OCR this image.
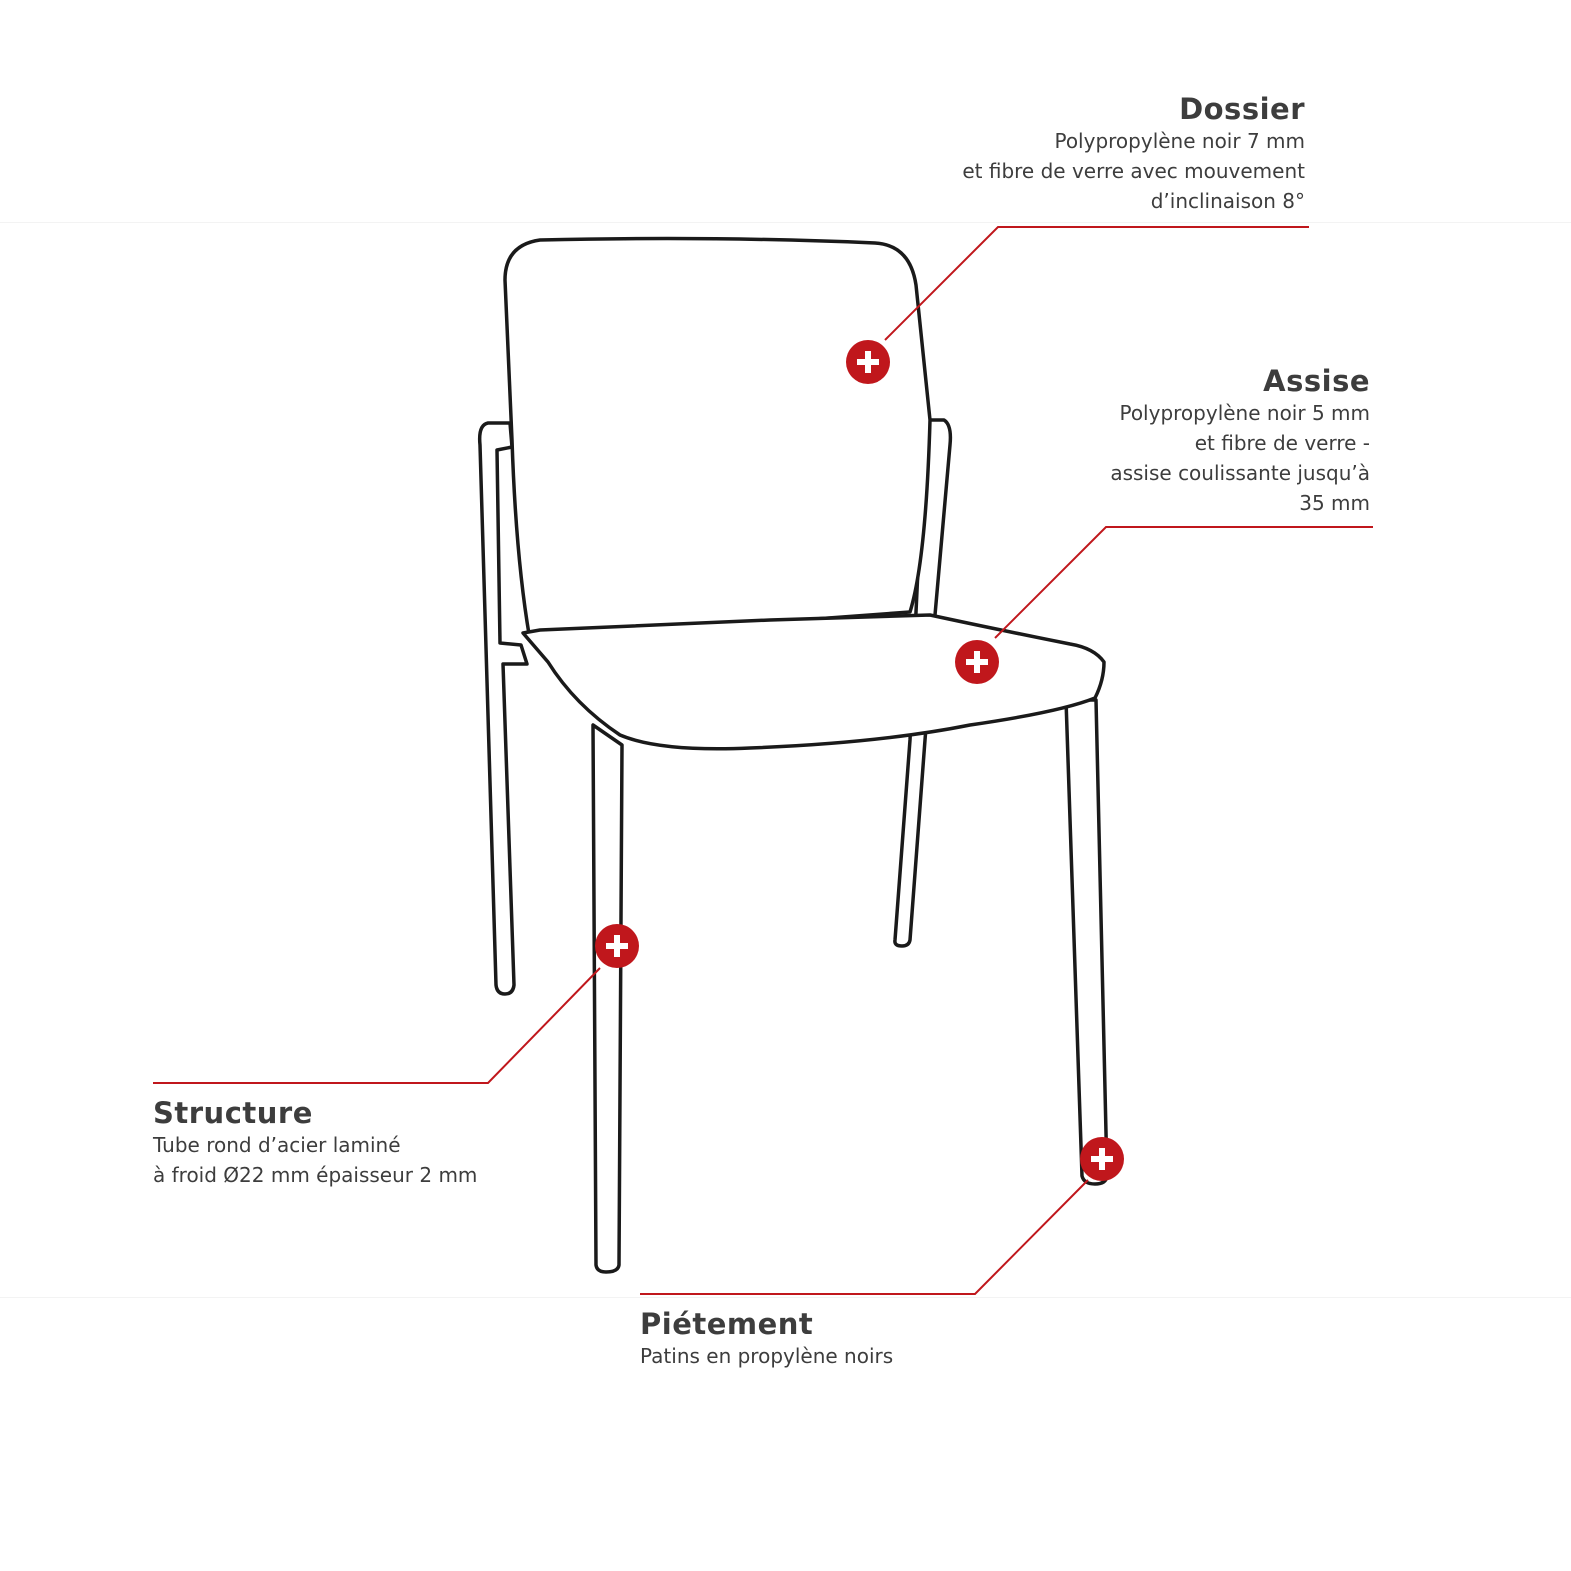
Dossier
Polypropylène noir 7 mm
et fibre de verre avec mouvement
d’inclinaison 8°
Assise
Polypropylène noir 5 mm
et fibre de verre -
assise coulissante jusqu’à
35 mm
Structure
Tube rond d’acier laminé
à froid Ø22 mm épaisseur 2 mm
Piétement
Patins en propylène noirs
